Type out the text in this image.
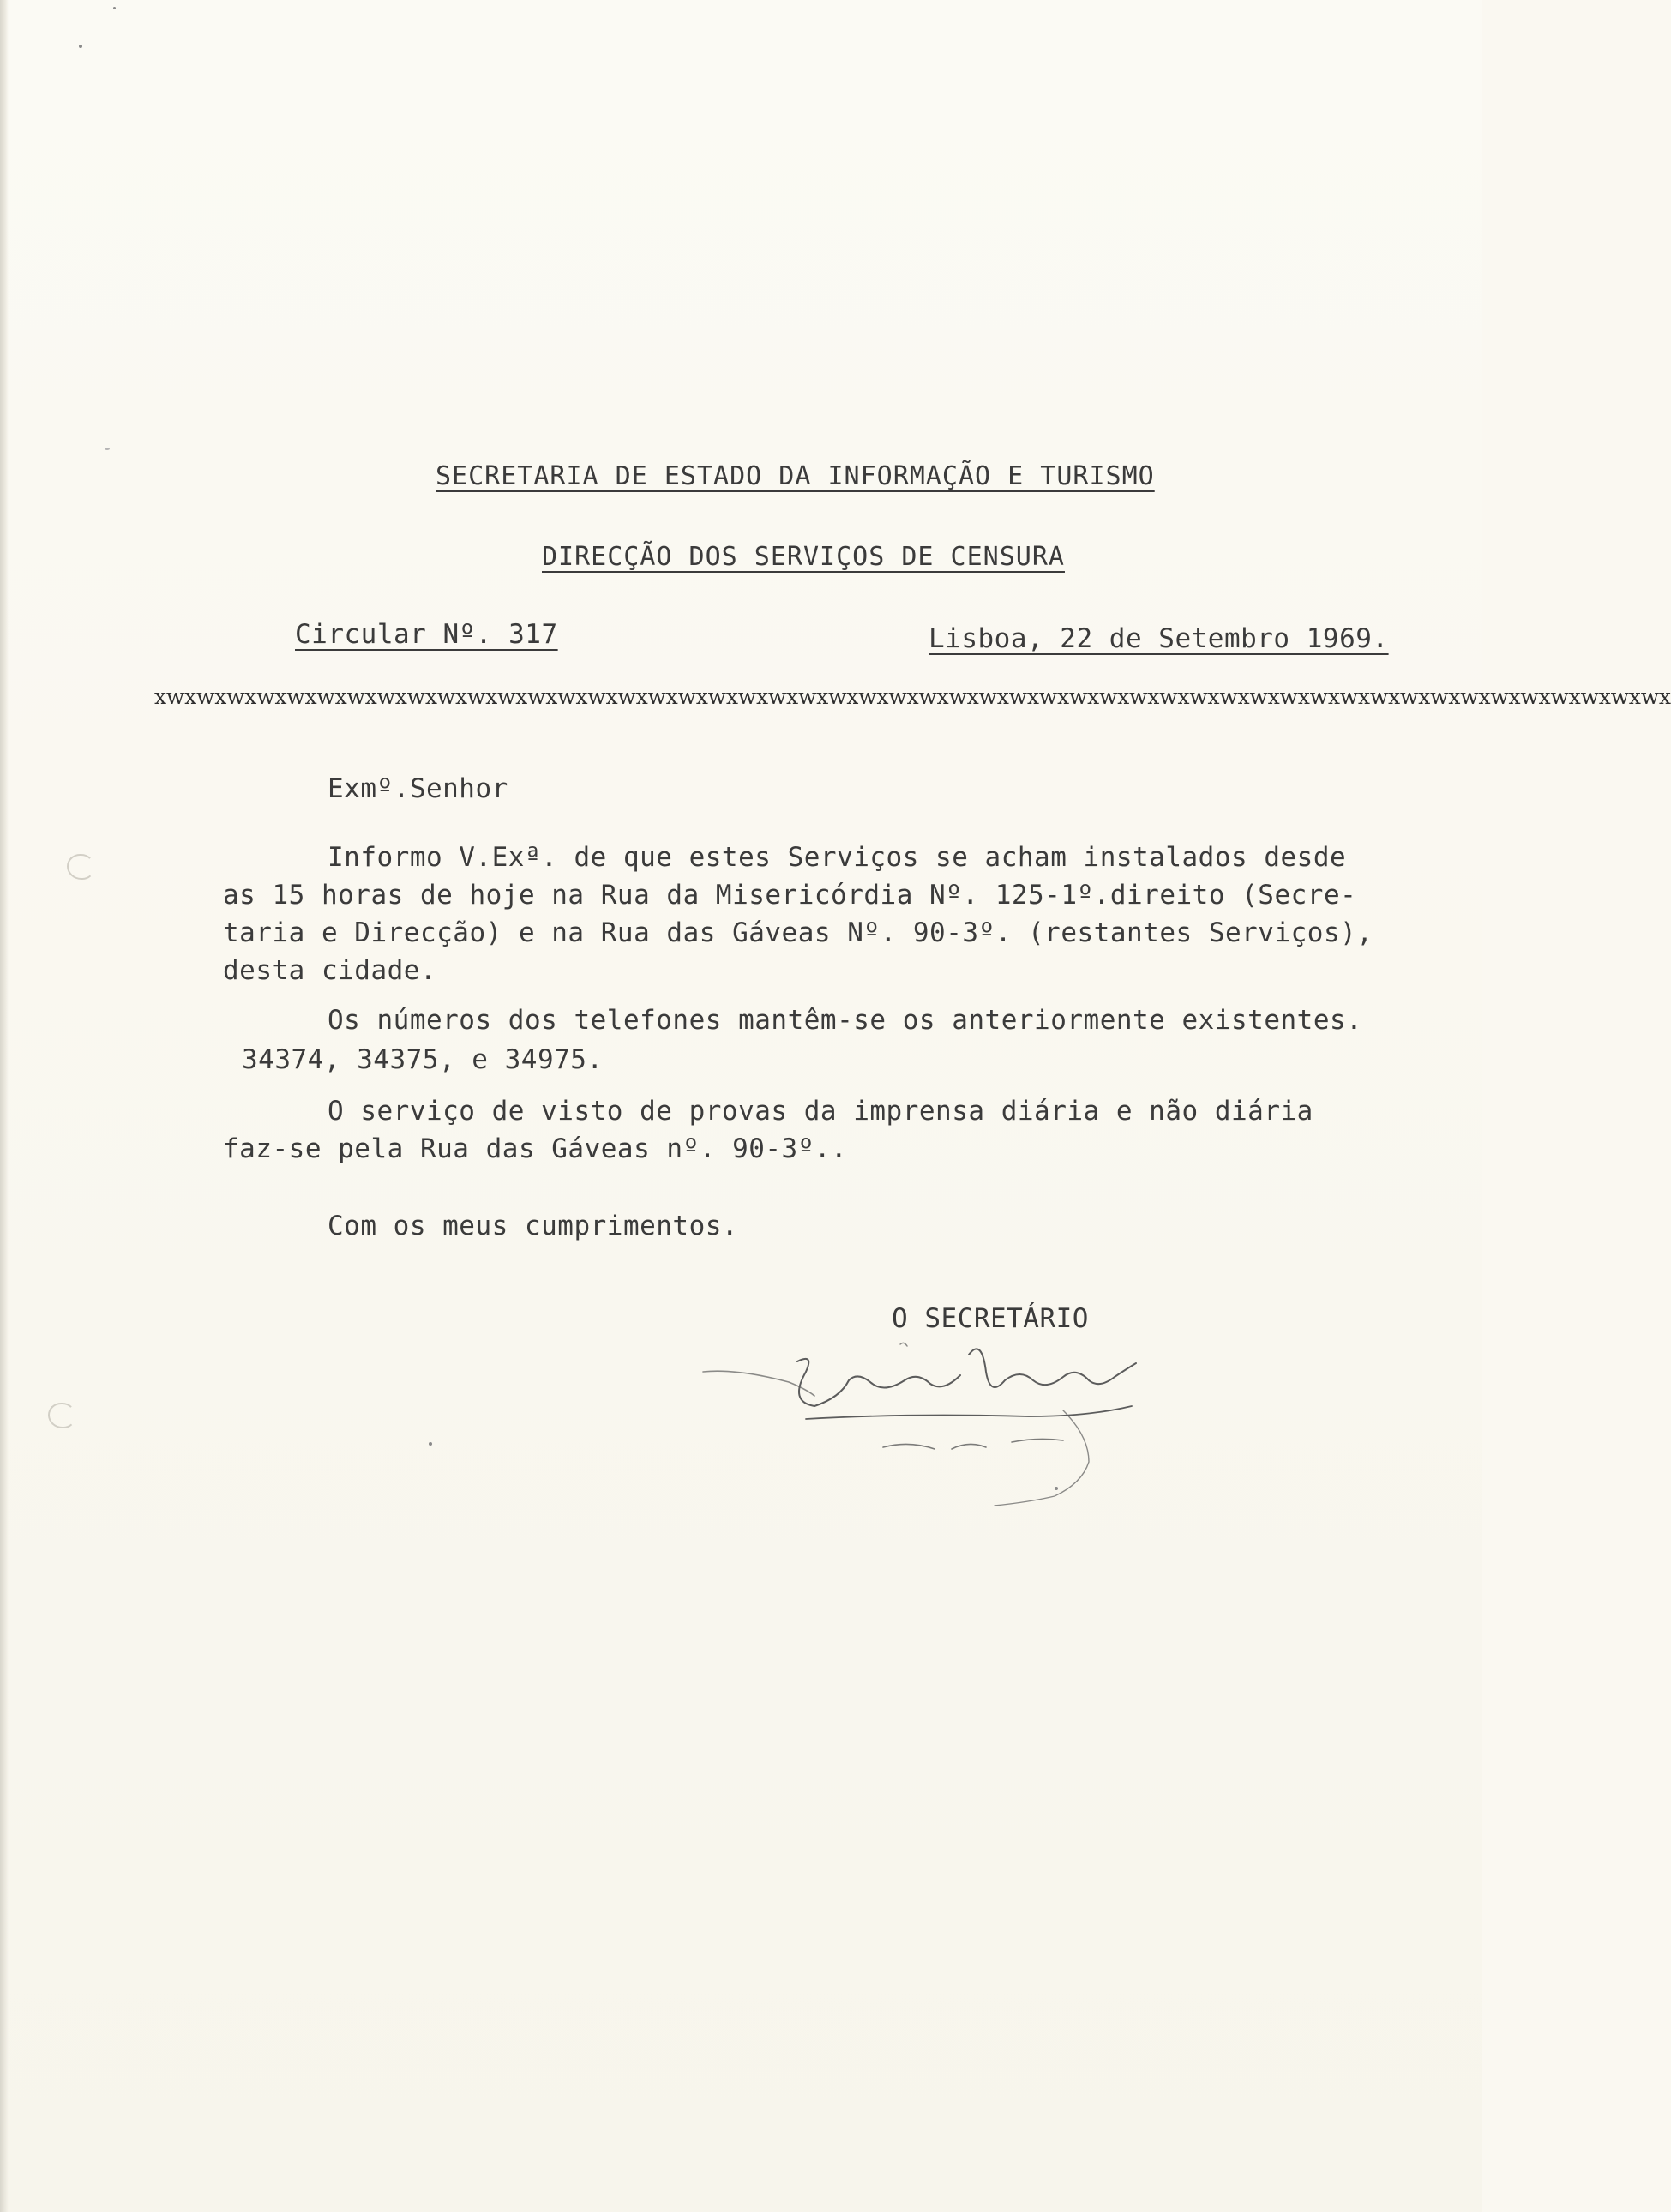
SECRETARIA DE ESTADO DA INFORMAÇÃO E TURISMO
DIRECÇÃO DOS SERVIÇOS DE CENSURA
Circular Nº. 317	Lisboa, 22 de Setembro 1969.
xwxwxwxwxwxwxwxwxwxwxwxwxwxwxwxwxwxwxwxwxwxwxwxwxwxwxwxwxwxwxwxwxwxwxwxwxwxwxwxwxwxwxwxwxwxwxwxwxwxwx
Exmº.Senhor
Informo V.Exª. de que estes Serviços se acham instalados desde
as 15 horas de hoje na Rua da Misericórdia Nº. 125-1º.direito (Secre-
taria e Direcção) e na Rua das Gáveas Nº. 90-3º. (restantes Serviços),
desta cidade.
Os números dos telefones mantêm-se os anteriormente existentes.
34374, 34375, e 34975.
O serviço de visto de provas da imprensa diária e não diária
faz-se pela Rua das Gáveas nº. 90-3º..
Com os meus cumprimentos.
O SECRETÁRIO
